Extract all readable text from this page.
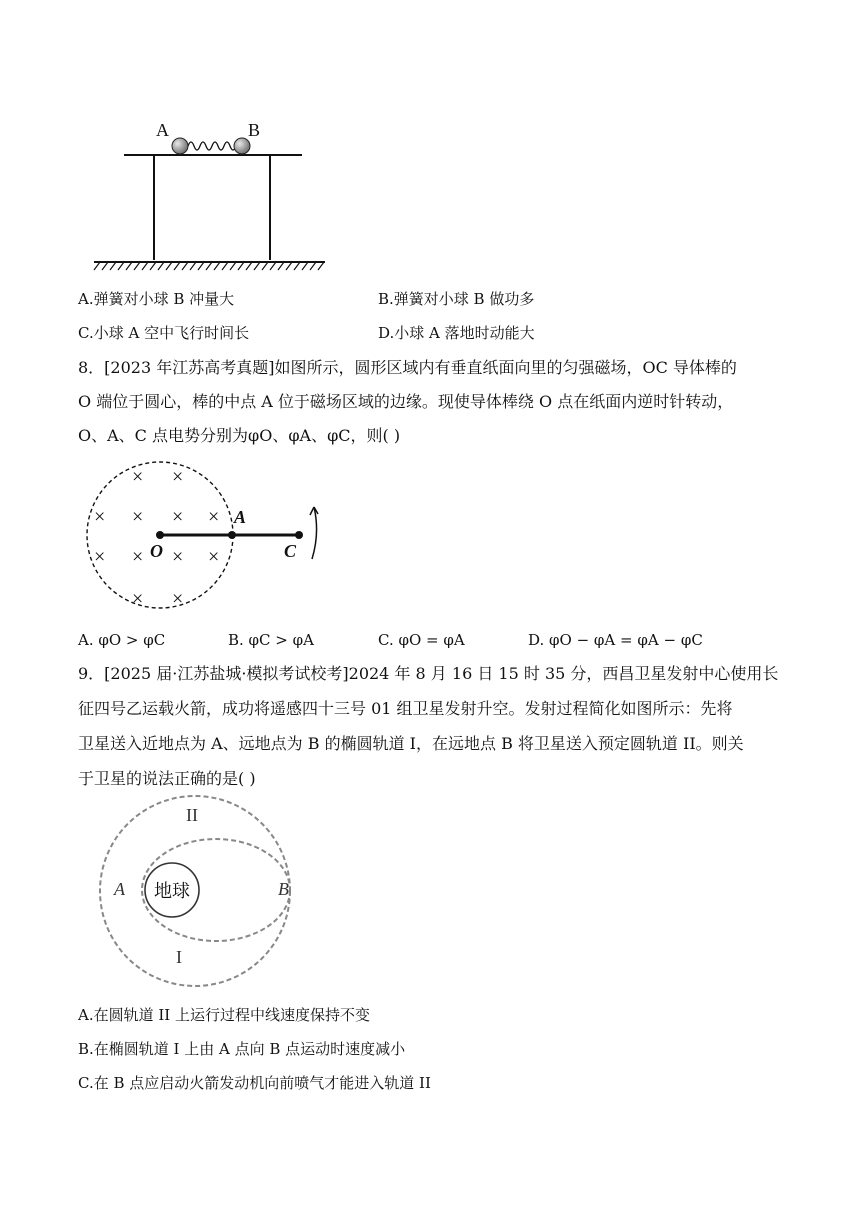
A	B
A.弹簧对小球 B 冲量大	B.弹簧对小球 B 做功多
C.小球 A 空中飞行时间长	D.小球 A 落地时动能大
8．[2023 年江苏高考真题]如图所示，圆形区域内有垂直纸面向里的匀强磁场，OC 导体棒的
O 端位于圆心，棒的中点 A 位于磁场区域的边缘。现使导体棒绕 O 点在纸面内逆时针转动，
O、A、C 点电势分别为φO、φA、φC，则( )
× ×
× × × ×
× × × ×
× ×
O
A
C
A. φO > φC	B. φC > φA	C. φO = φA	D. φO − φA = φA − φC
9．[2025 届·江苏盐城·模拟考试校考]2024 年 8 月 16 日 15 时 35 分，西昌卫星发射中心使用长
征四号乙运载火箭，成功将遥感四十三号 01 组卫星发射升空。发射过程简化如图所示：先将
卫星送入近地点为 A、远地点为 B 的椭圆轨道 I，在远地点 B 将卫星送入预定圆轨道 II。则关
于卫星的说法正确的是( )
地球
II
I
A	B
A.在圆轨道 II 上运行过程中线速度保持不变
B.在椭圆轨道 I 上由 A 点向 B 点运动时速度减小
C.在 B 点应启动火箭发动机向前喷气才能进入轨道 II
